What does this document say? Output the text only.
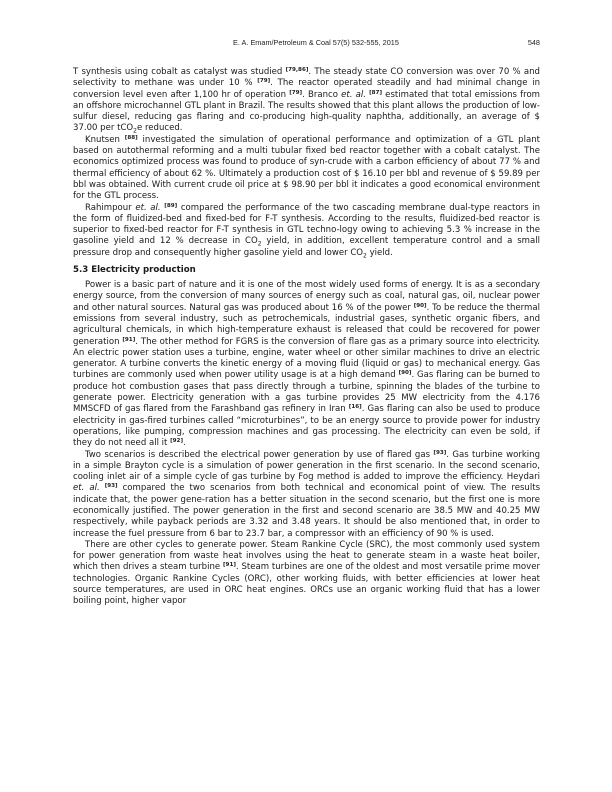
E. A. Emam/Petroleum & Coal 57(5) 532-555, 2015	548

T synthesis using cobalt as catalyst was studied [79,86]. The steady state CO conversion was over 70 % and selectivity to methane was under 10 % [79]. The reactor operated steadily and had minimal change in conversion level even after 1,100 hr of operation [79]. Branco et. al. [87] estimated that total emissions from an offshore microchannel GTL plant in Brazil. The results showed that this plant allows the production of low-sulfur diesel, reducing gas flaring and co-producing high-quality naphtha, additionally, an average of $ 37.00 per tCO$_2$e reduced.

Knutsen [88] investigated the simulation of operational performance and optimization of a GTL plant based on autothermal reforming and a multi tubular fixed bed reactor together with a cobalt catalyst. The economics optimized process was found to produce of syn-crude with a carbon efficiency of about 77 % and thermal efficiency of about 62 %. Ultimately a production cost of $ 16.10 per bbl and revenue of $ 59.89 per bbl was obtained. With current crude oil price at $ 98.90 per bbl it indicates a good economical environment for the GTL process.

Rahimpour et. al. [89] compared the performance of the two cascading membrane dual-type reactors in the form of fluidized-bed and fixed-bed for F-T synthesis. According to the results, fluidized-bed reactor is superior to fixed-bed reactor for F-T synthesis in GTL techno-logy owing to achieving 5.3 % increase in the gasoline yield and 12 % decrease in $CO_2$ yield, in addition, excellent temperature control and a small pressure drop and consequently higher gasoline yield and lower $CO_2$ yield.

5.3 Electricity production

Power is a basic part of nature and it is one of the most widely used forms of energy. It is as a secondary energy source, from the conversion of many sources of energy such as coal, natural gas, oil, nuclear power and other natural sources. Natural gas was produced about 16 % of the power [90]. To be reduce the thermal emissions from several industry, such as petrochemicals, industrial gases, synthetic organic fibers, and agricultural chemicals, in which high-temperature exhaust is released that could be recovered for power generation [91]. The other method for FGRS is the conversion of flare gas as a primary source into electricity. An electric power station uses a turbine, engine, water wheel or other similar machines to drive an electric generator. A turbine converts the kinetic energy of a moving fluid (liquid or gas) to mechanical energy. Gas turbines are commonly used when power utility usage is at a high demand [90]. Gas flaring can be burned to produce hot combustion gases that pass directly through a turbine, spinning the blades of the turbine to generate power. Electricity generation with a gas turbine provides 25 MW electricity from the 4.176 MMSCFD of gas flared from the Farashband gas refinery in Iran [16]. Gas flaring can also be used to produce electricity in gas-fired turbines called “microturbines”, to be an energy source to provide power for industry operations, like pumping, compression machines and gas processing. The electricity can even be sold, if they do not need all it [92].

Two scenarios is described the electrical power generation by use of flared gas [93]. Gas turbine working in a simple Brayton cycle is a simulation of power generation in the first scenario. In the second scenario, cooling inlet air of a simple cycle of gas turbine by Fog method is added to improve the efficiency. Heydari et. al. [93] compared the two scenarios from both technical and economical point of view. The results indicate that, the power gene-ration has a better situation in the second scenario, but the first one is more economically justified. The power generation in the first and second scenario are 38.5 MW and 40.25 MW respectively, while payback periods are 3.32 and 3.48 years. It should be also mentioned that, in order to increase the fuel pressure from 6 bar to 23.7 bar, a compressor with an efficiency of 90 % is used.

There are other cycles to generate power. Steam Rankine Cycle (SRC), the most commonly used system for power generation from waste heat involves using the heat to generate steam in a waste heat boiler, which then drives a steam turbine [91]. Steam turbines are one of the oldest and most versatile prime mover technologies. Organic Rankine Cycles (ORC), other working fluids, with better efficiencies at lower heat source temperatures, are used in ORC heat engines. ORCs use an organic working fluid that has a lower boiling point, higher vapor
